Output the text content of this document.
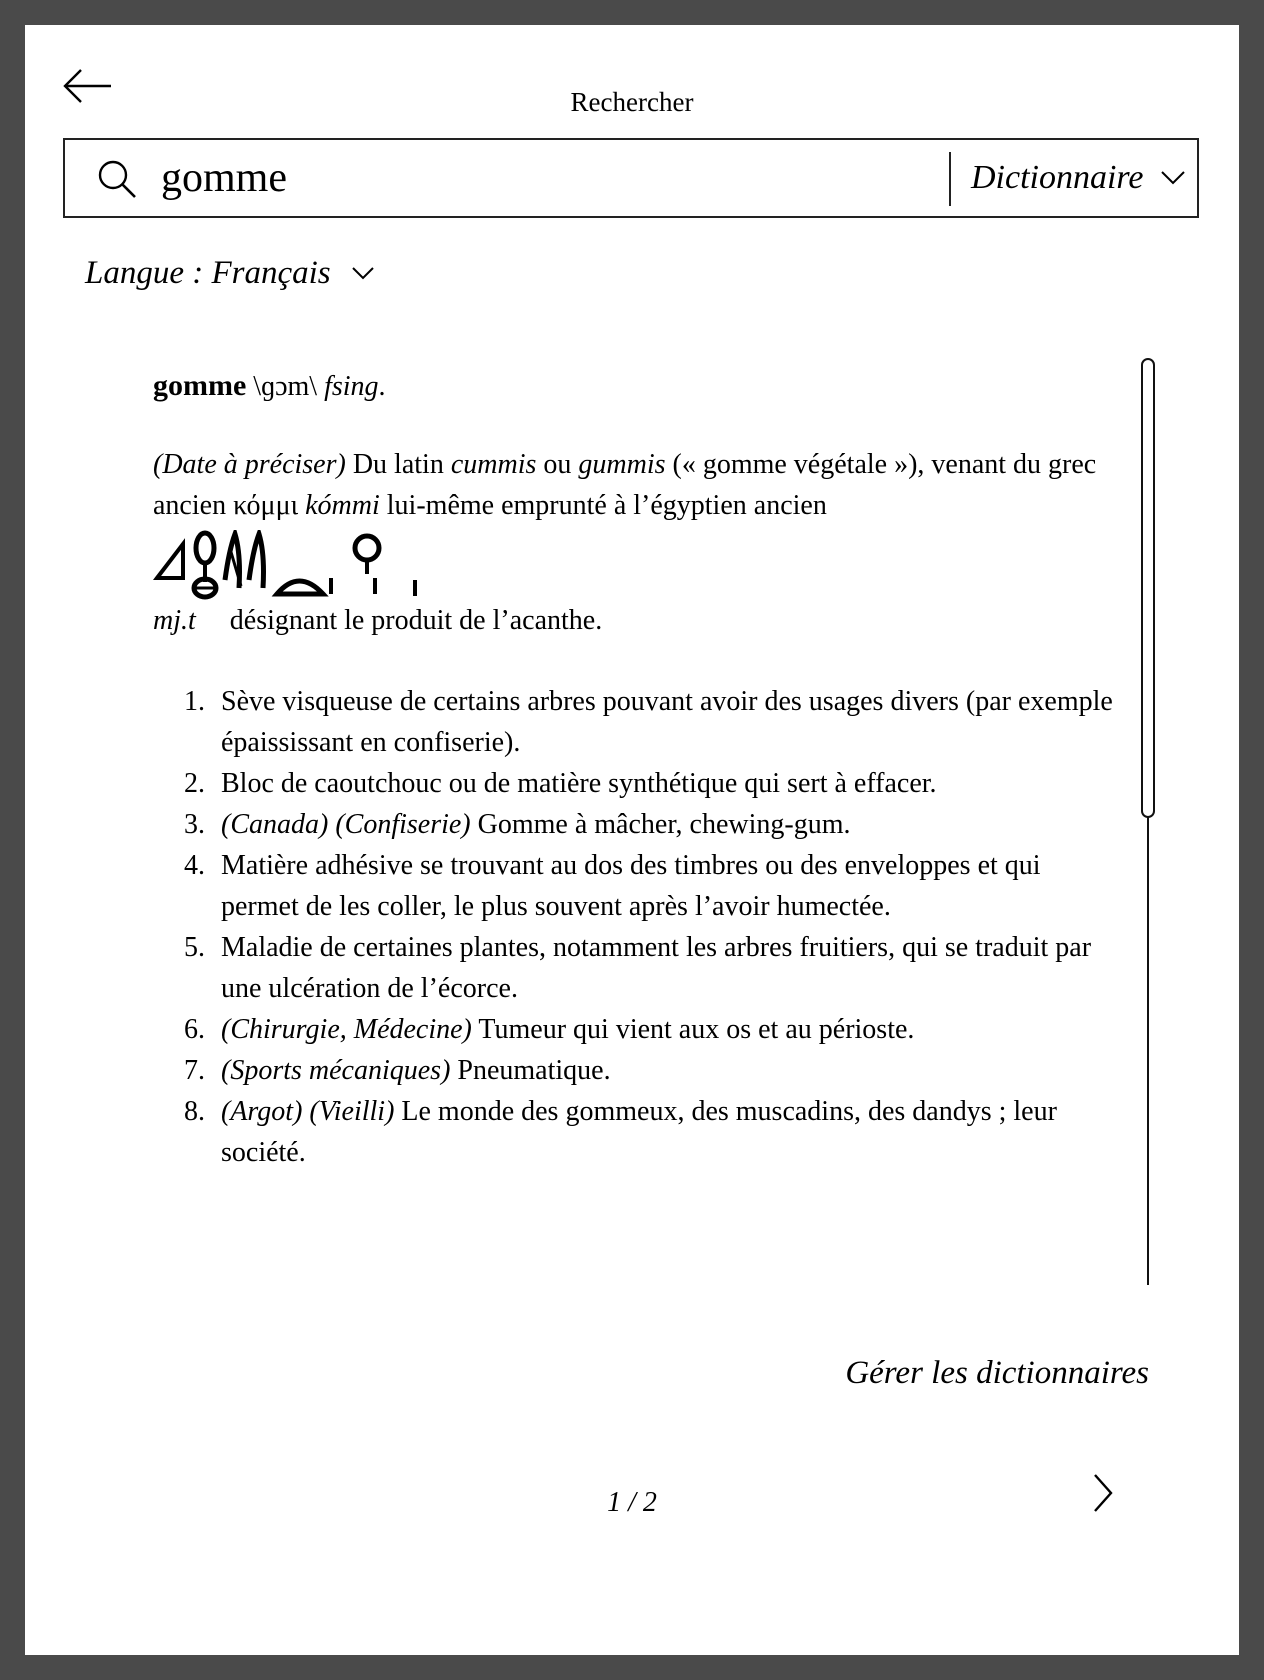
Rechercher
gomme
Dictionnaire
Langue : Français

gomme \ɡɔm\ fsing.

(Date à préciser) Du latin cummis ou gummis (« gomme végétale »), venant du grec ancien κόμμι kómmi lui-même emprunté à l’égyptien ancien

mj.t désignant le produit de l’acanthe.

1. Sève visqueuse de certains arbres pouvant avoir des usages divers (par exemple épaississant en confiserie).
2. Bloc de caoutchouc ou de matière synthétique qui sert à effacer.
3. (Canada) (Confiserie) Gomme à mâcher, chewing-gum.
4. Matière adhésive se trouvant au dos des timbres ou des enveloppes et qui permet de les coller, le plus souvent après l’avoir humectée.
5. Maladie de certaines plantes, notamment les arbres fruitiers, qui se traduit par une ulcération de l’écorce.
6. (Chirurgie, Médecine) Tumeur qui vient aux os et au périoste.
7. (Sports mécaniques) Pneumatique.
8. (Argot) (Vieilli) Le monde des gommeux, des muscadins, des dandys ; leur société.
Gérer les dictionnaires
1 / 2
